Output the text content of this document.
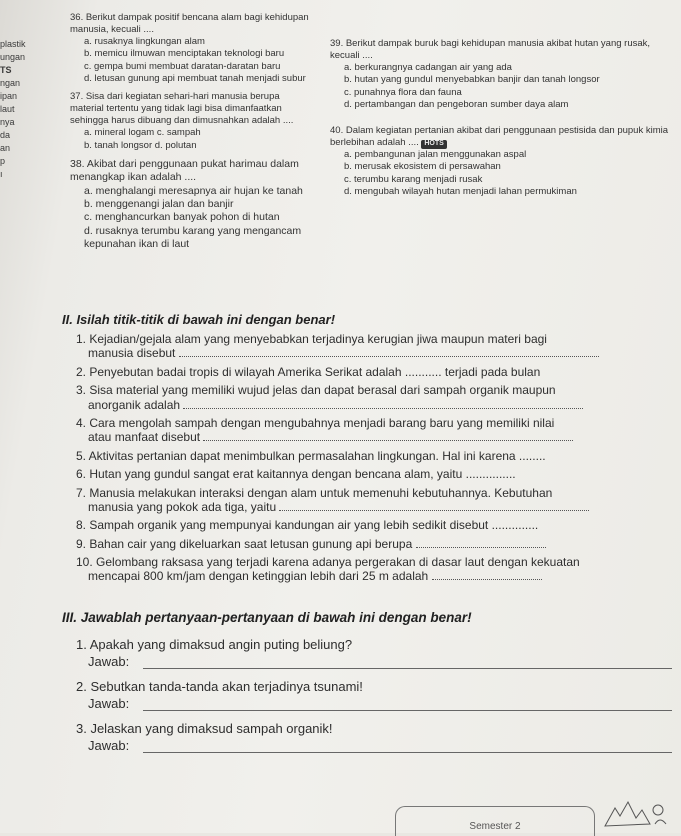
plastik
ungan
TS
ngan
ipan
laut
nya
da
an
p
ı
36. Berikut dampak positif bencana alam bagi kehidupan manusia, kecuali ....
a. rusaknya lingkungan alam
b. memicu ilmuwan menciptakan teknologi baru
c. gempa bumi membuat daratan-daratan baru
d. letusan gunung api membuat tanah menjadi subur
37. Sisa dari kegiatan sehari-hari manusia berupa material tertentu yang tidak lagi bisa dimanfaatkan sehingga harus dibuang dan dimusnahkan adalah ....
a. mineral logam c. sampah
b. tanah longsor d. polutan
38. Akibat dari penggunaan pukat harimau dalam menangkap ikan adalah ....
a. menghalangi meresapnya air hujan ke tanah
b. menggenangi jalan dan banjir
c. menghancurkan banyak pohon di hutan
d. rusaknya terumbu karang yang mengancam kepunahan ikan di laut
39. Berikut dampak buruk bagi kehidupan manusia akibat hutan yang rusak, kecuali ....
a. berkurangnya cadangan air yang ada
b. hutan yang gundul menyebabkan banjir dan tanah longsor
c. punahnya flora dan fauna
d. pertambangan dan pengeboran sumber daya alam
40. Dalam kegiatan pertanian akibat dari penggunaan pestisida dan pupuk kimia berlebihan adalah .... HOTS
a. pembangunan jalan menggunakan aspal
b. merusak ekosistem di persawahan
c. terumbu karang menjadi rusak
d. mengubah wilayah hutan menjadi lahan permukiman
II. Isilah titik-titik di bawah ini dengan benar!
1. Kejadian/gejala alam yang menyebabkan terjadinya kerugian jiwa maupun materi bagi
manusia disebut
2. Penyebutan badai tropis di wilayah Amerika Serikat adalah ........... terjadi pada bulan
3. Sisa material yang memiliki wujud jelas dan dapat berasal dari sampah organik maupun
anorganik adalah
4. Cara mengolah sampah dengan mengubahnya menjadi barang baru yang memiliki nilai
atau manfaat disebut
5. Aktivitas pertanian dapat menimbulkan permasalahan lingkungan. Hal ini karena ........
6. Hutan yang gundul sangat erat kaitannya dengan bencana alam, yaitu ...............
7. Manusia melakukan interaksi dengan alam untuk memenuhi kebutuhannya. Kebutuhan
manusia yang pokok ada tiga, yaitu
8. Sampah organik yang mempunyai kandungan air yang lebih sedikit disebut ..............
9. Bahan cair yang dikeluarkan saat letusan gunung api berupa
10. Gelombang raksasa yang terjadi karena adanya pergerakan di dasar laut dengan kekuatan
mencapai 800 km/jam dengan ketinggian lebih dari 25 m adalah
III. Jawablah pertanyaan-pertanyaan di bawah ini dengan benar!
1. Apakah yang dimaksud angin puting beliung?
Jawab:
2. Sebutkan tanda-tanda akan terjadinya tsunami!
Jawab:
3. Jelaskan yang dimaksud sampah organik!
Jawab:
Semester 2
